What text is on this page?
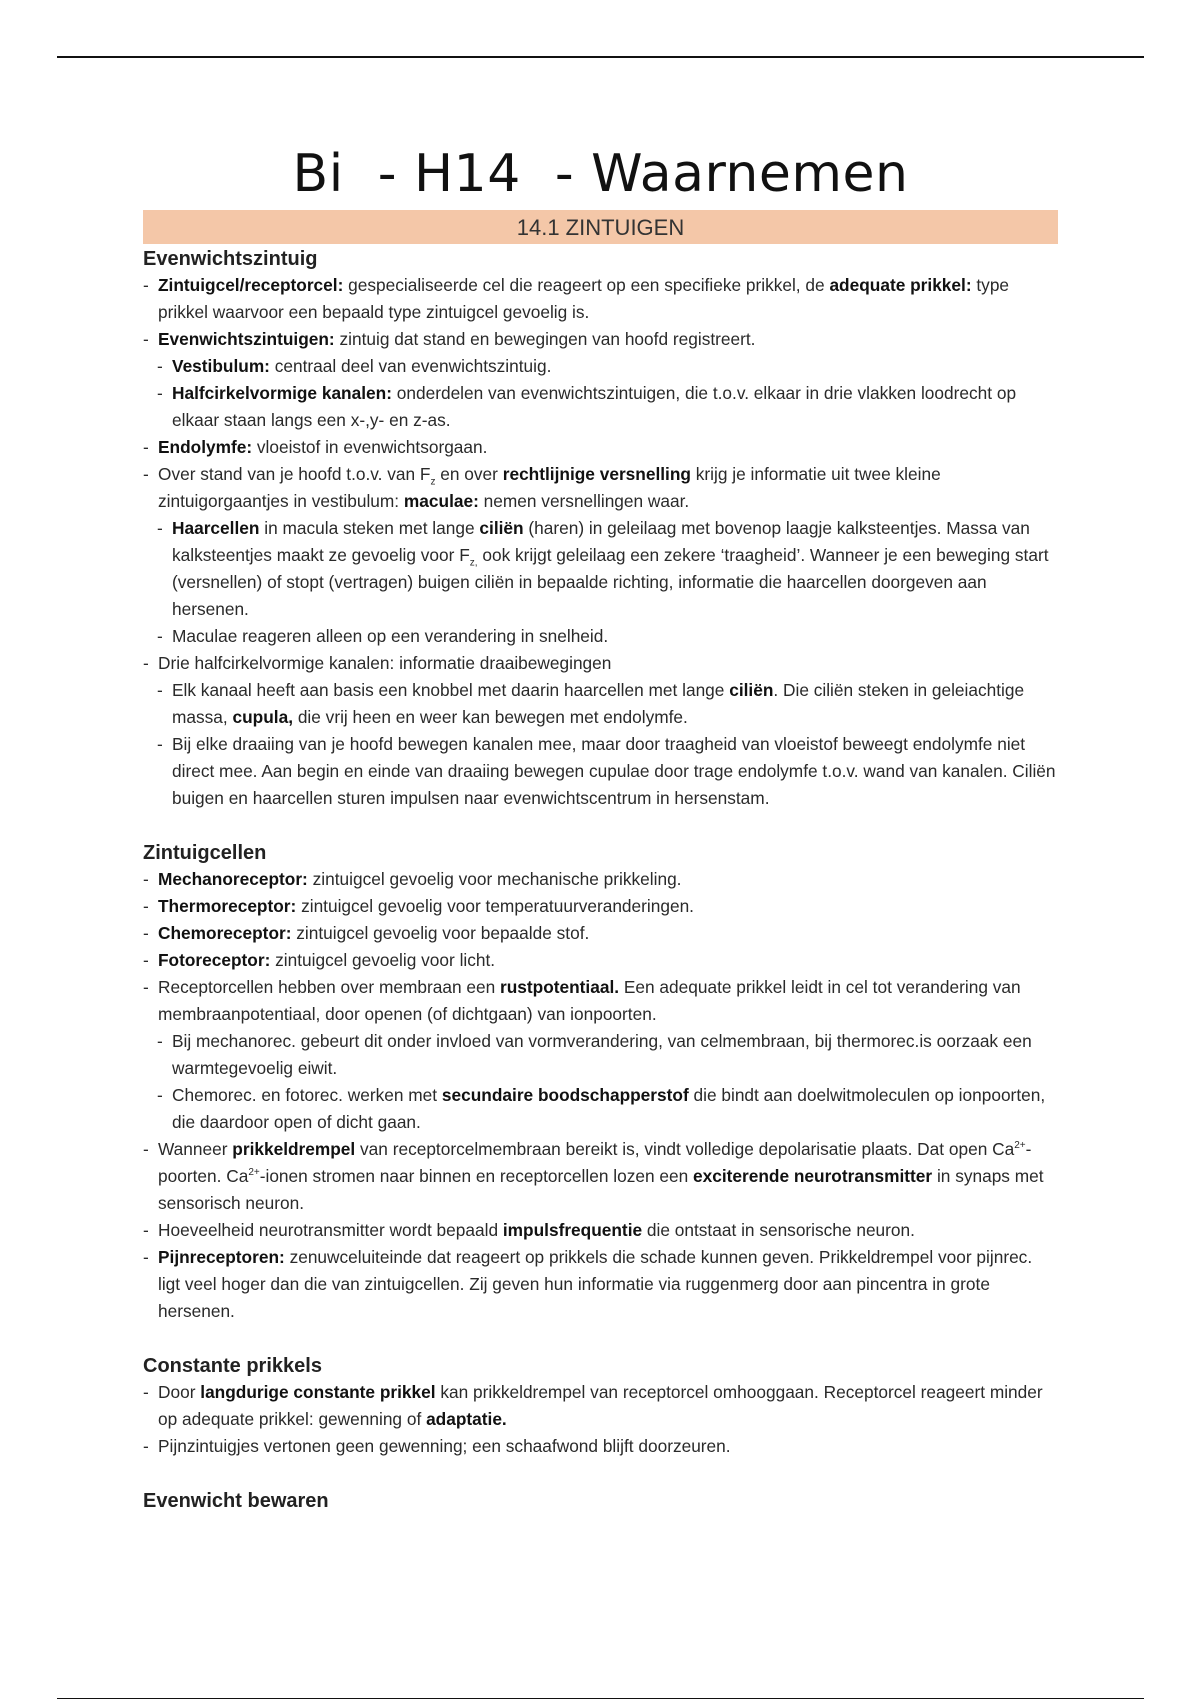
Bi  - H14  - Waarnemen
14.1 ZINTUIGEN
Evenwichtszintuig
- Zintuigcel/receptorcel: gespecialiseerde cel die reageert op een specifieke prikkel, de adequate prikkel: type prikkel waarvoor een bepaald type zintuigcel gevoelig is.
- Evenwichtszintuigen: zintuig dat stand en bewegingen van hoofd registreert.
- Vestibulum: centraal deel van evenwichtszintuig.
- Halfcirkelvormige kanalen: onderdelen van evenwichtszintuigen, die t.o.v. elkaar in drie vlakken loodrecht op elkaar staan langs een x-,y- en z-as.
- Endolymfe: vloeistof in evenwichtsorgaan.
- Over stand van je hoofd t.o.v. van $F_z$ en over rechtlijnige versnelling krijg je informatie uit twee kleine zintuigorgaantjes in vestibulum: maculae: nemen versnellingen waar.
- Haarcellen in macula steken met lange ciliën (haren) in geleilaag met bovenop laagje kalksteentjes. Massa van kalksteentjes maakt ze gevoelig voor $F_{z,}$ ook krijgt geleilaag een zekere ‘traagheid’. Wanneer je een beweging start (versnellen) of stopt (vertragen) buigen ciliën in bepaalde richting, informatie die haarcellen doorgeven aan hersenen.
- Maculae reageren alleen op een verandering in snelheid.
- Drie halfcirkelvormige kanalen: informatie draaibewegingen
- Elk kanaal heeft aan basis een knobbel met daarin haarcellen met lange ciliën. Die ciliën steken in geleiachtige massa, cupula, die vrij heen en weer kan bewegen met endolymfe.
- Bij elke draaiing van je hoofd bewegen kanalen mee, maar door traagheid van vloeistof beweegt endolymfe niet direct mee. Aan begin en einde van draaiing bewegen cupulae door trage endolymfe t.o.v. wand van kanalen. Ciliën buigen en haarcellen sturen impulsen naar evenwichtscentrum in hersenstam.
Zintuigcellen
- Mechanoreceptor: zintuigcel gevoelig voor mechanische prikkeling.
- Thermoreceptor: zintuigcel gevoelig voor temperatuurveranderingen.
- Chemoreceptor: zintuigcel gevoelig voor bepaalde stof.
- Fotoreceptor: zintuigcel gevoelig voor licht.
- Receptorcellen hebben over membraan een rustpotentiaal. Een adequate prikkel leidt in cel tot verandering van membraanpotentiaal, door openen (of dichtgaan) van ionpoorten.
- Bij mechanorec. gebeurt dit onder invloed van vormverandering, van celmembraan, bij thermorec.is oorzaak een warmtegevoelig eiwit.
- Chemorec. en fotorec. werken met secundaire boodschapperstof die bindt aan doelwitmoleculen op ionpoorten, die daardoor open of dicht gaan.
- Wanneer prikkeldrempel van receptorcelmembraan bereikt is, vindt volledige depolarisatie plaats. Dat open $Ca^{2+}$-poorten. $Ca^{2+}$-ionen stromen naar binnen en receptorcellen lozen een exciterende neurotransmitter in synaps met sensorisch neuron.
- Hoeveelheid neurotransmitter wordt bepaald impulsfrequentie die ontstaat in sensorische neuron.
- Pijnreceptoren: zenuwceluiteinde dat reageert op prikkels die schade kunnen geven. Prikkeldrempel voor pijnrec. ligt veel hoger dan die van zintuigcellen. Zij geven hun informatie via ruggenmerg door aan pincentra in grote hersenen.
Constante prikkels
- Door langdurige constante prikkel kan prikkeldrempel van receptorcel omhooggaan. Receptorcel reageert minder op adequate prikkel: gewenning of adaptatie.
- Pijnzintuigjes vertonen geen gewenning; een schaafwond blijft doorzeuren.
Evenwicht bewaren
